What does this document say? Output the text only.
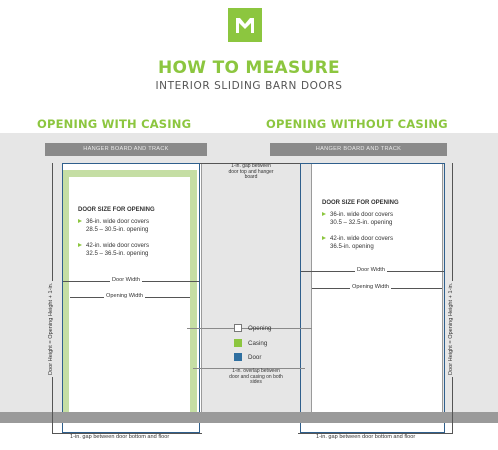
HOW TO MEASURE
INTERIOR SLIDING BARN DOORS
OPENING WITH CASING	OPENING WITHOUT CASING
HANGER BOARD AND TRACK	HANGER BOARD AND TRACK
DOOR SIZE FOR OPENING
36-in. wide door covers
28.5 – 30.5-in. opening
42-in. wide door covers
32.5 – 36.5-in. opening
DOOR SIZE FOR OPENING
36-in. wide door covers
30.5 – 32.5-in. opening
42-in. wide door covers
36.5-in. opening
Door Width
Opening Width
Door Width
Opening Width
Door Height = Opening Height + 1-in.	Door Height = Opening Height + 1-in.
1-in. gap between door top and hanger board
Opening
Casing
Door
1-in. overlap between door and casing on both sides
1-in. gap between door bottom and floor	1-in. gap between door bottom and floor
